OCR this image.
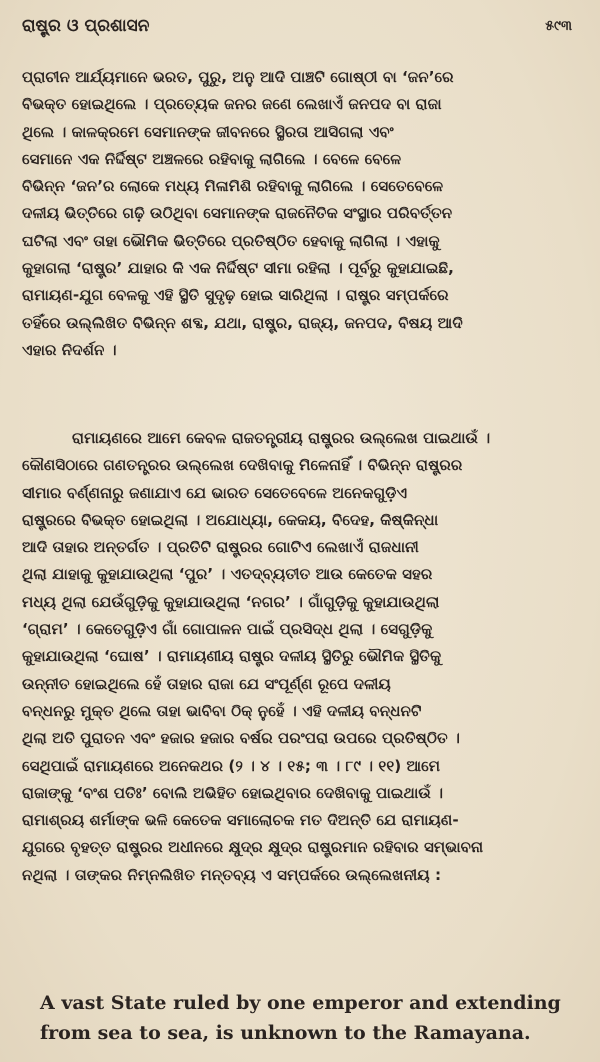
ରାଷ୍ଟ୍ର ଓ ପ୍ରଶାସନ	୫୯୩

ପ୍ରାଚୀନ ଆର୍ଯ୍ୟମାନେ ଭରତ, ପୁରୁ, ଅନୁ ଆଦି ପାଞ୍ଚଟି ଗୋଷ୍ଠୀ ବା ‘ଜନ’ରେ
ବିଭକ୍ତ ହୋଇଥିଲେ । ପ୍ରତ୍ୟେକ ଜନର ଜଣେ ଲେଖାଏଁ ଜନପଦ ବା ରାଜା
ଥିଲେ । କାଳକ୍ରମେ ସେମାନଙ୍କ ଜୀବନରେ ସ୍ଥିରତା ଆସିଗଲା ଏବଂ
ସେମାନେ ଏକ ନିର୍ଦ୍ଦିଷ୍ଟ ଅଞ୍ଚଳରେ ରହିବାକୁ ଲାଗିଲେ । ବେଳେ ବେଳେ
ବିଭିନ୍ନ ‘ଜନ’ର ଲୋକେ ମଧ୍ୟ ମିଳାମିଶି ରହିବାକୁ ଲାଗିଲେ । ସେତେବେଳେ
ଦଳୀୟ ଭିତ୍ତିରେ ଗଢ଼ି ଉଠିଥିବା ସେମାନଙ୍କ ରାଜନୈତିକ ସଂସ୍ଥାର ପରିବର୍ତ୍ତନ
ଘଟିଲା ଏବଂ ତାହା ଭୌମିକ ଭିତ୍ତିରେ ପ୍ରତିଷ୍ଠିତ ହେବାକୁ ଲାଗିଲା । ଏହାକୁ
କୁହାଗଲା ‘ରାଷ୍ଟ୍ର’ ଯାହାର କି ଏକ ନିର୍ଦ୍ଦିଷ୍ଟ ସୀମା ରହିଲା । ପୂର୍ବରୁ କୁହାଯାଇଛି,
ରାମାୟଣ-ଯୁଗ ବେଳକୁ ଏହି ସ୍ଥିତି ସୁଦୃଢ଼ ହୋଇ ସାରିଥିଲା । ରାଷ୍ଟ୍ର ସମ୍ପର୍କରେ
ତହିଁରେ ଉଲ୍ଲିଖିତ ବିଭିନ୍ନ ଶବ୍ଦ, ଯଥା, ରାଷ୍ଟ୍ର, ରାଜ୍ୟ, ଜନପଦ, ବିଷୟ ଆଦି
ଏହାର ନିଦର୍ଶନ ।

ରାମାୟଣରେ ଆମେ କେବଳ ରାଜତନ୍ତ୍ରୀୟ ରାଷ୍ଟ୍ରର ଉଲ୍ଲେଖ ପାଇଥାଉଁ ।
କୌଣସିଠାରେ ଗଣତନ୍ତ୍ରର ଉଲ୍ଲେଖ ଦେଖିବାକୁ ମିଳେନାହିଁ । ବିଭିନ୍ନ ରାଷ୍ଟ୍ରର
ସୀମାର ବର୍ଣ୍ଣନାରୁ ଜଣାଯାଏ ଯେ ଭାରତ ସେତେବେଳେ ଅନେକଗୁଡ଼ିଏ
ରାଷ୍ଟ୍ରରେ ବିଭକ୍ତ ହୋଇଥିଲା । ଅଯୋଧ୍ୟା, କେକୟ, ବିଦେହ, କିଷ୍କିନ୍ଧା
ଆଦି ତାହାର ଅନ୍ତର୍ଗତ । ପ୍ରତିଟି ରାଷ୍ଟ୍ରର ଗୋଟିଏ ଲେଖାଏଁ ରାଜଧାନୀ
ଥିଲା ଯାହାକୁ କୁହାଯାଉଥିଲା ‘ପୁର’ । ଏତଦ୍‌ବ୍ୟତୀତ ଆଉ କେତେକ ସହର
ମଧ୍ୟ ଥିଲା ଯେଉଁଗୁଡ଼ିକୁ କୁହାଯାଉଥିଲା ‘ନଗର’ । ଗାଁଗୁଡ଼ିକୁ କୁହାଯାଉଥିଲା
‘ଗ୍ରାମ’ । କେତେଗୁଡ଼ିଏ ଗାଁ ଗୋପାଳନ ପାଇଁ ପ୍ରସିଦ୍ଧ ଥିଲା । ସେଗୁଡ଼ିକୁ
କୁହାଯାଉଥିଲା ‘ଘୋଷ’ । ରାମାୟଣୀୟ ରାଷ୍ଟ୍ର ଦଳୀୟ ସ୍ଥିତିରୁ ଭୌମିକ ସ୍ଥିତିକୁ
ଉନ୍ନୀତ ହୋଇଥିଲେ ହେଁ ତାହାର ରାଜା ଯେ ସଂପୂର୍ଣ୍ଣ ରୂପେ ଦଳୀୟ
ବନ୍ଧନରୁ ମୁକ୍ତ ଥିଲେ ତାହା ଭାବିବା ଠିକ୍ ନୁହେଁ । ଏହି ଦଳୀୟ ବନ୍ଧନଟି
ଥିଲା ଅତି ପୁରାତନ ଏବଂ ହଜାର ହଜାର ବର୍ଷର ପରଂପରା ଉପରେ ପ୍ରତିଷ୍ଠିତ ।
ସେଥିପାଇଁ ରାମାୟଣରେ ଅନେକଥର (୨ । ୪ । ୧୫; ୩ । ୮୯ । ୧୧) ଆମେ
ରାଜାଙ୍କୁ ‘ବଂଶ ପତିଃ’ ବୋଲି ଅଭିହିତ ହୋଇଥିବାର ଦେଖିବାକୁ ପାଇଥାଉଁ ।
ରାମାଶ୍ରୟ ଶର୍ମାଙ୍କ ଭଳି କେତେକ ସମାଲୋଚକ ମତ ଦିଅନ୍ତି ଯେ ରାମାୟଣ-
ଯୁଗରେ ବୃହତ୍ତ ରାଷ୍ଟ୍ରର ଅଧୀନରେ କ୍ଷୁଦ୍ର କ୍ଷୁଦ୍ର ରାଷ୍ଟ୍ରମାନ ରହିବାର ସମ୍ଭାବନା
ନଥିଲା । ତାଙ୍କର ନିମ୍ନଲିଖିତ ମନ୍ତବ୍ୟ ଏ ସମ୍ପର୍କରେ ଉଲ୍ଲେଖନୀୟ :

A vast State ruled by one emperor and extending
from sea to sea, is unknown to the Ramayana.
